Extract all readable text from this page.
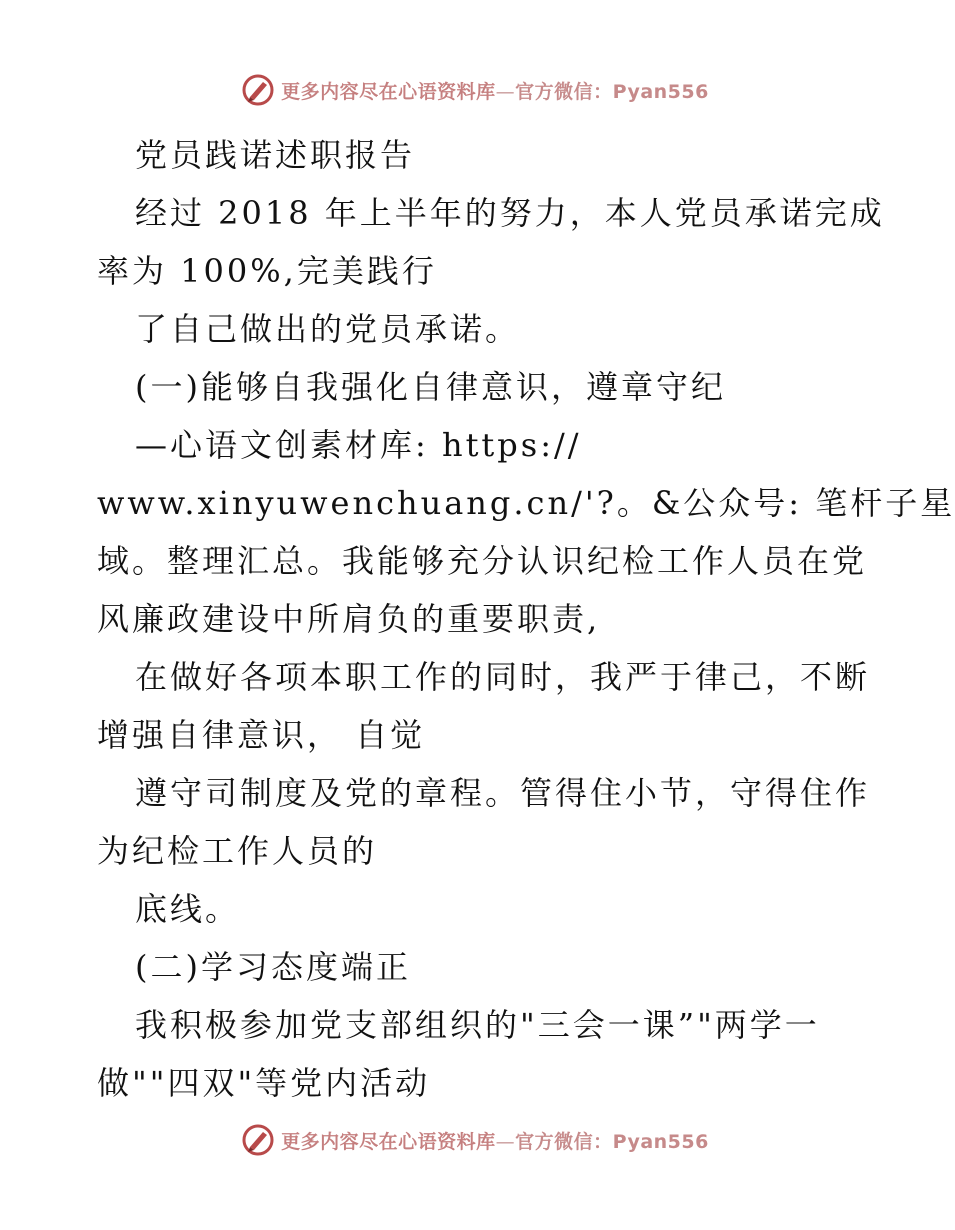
更多内容尽在心语资料库—官方微信：Pyan556
党员践诺述职报告
经过 2018 年上半年的努力，本人党员承诺完成
率为 100%,完美践行
了自己做出的党员承诺。
(一)能够自我强化自律意识，遵章守纪
—心语文创素材库: https://
www.xinyuwenchuang.cn/'?。&公众号: 笔杆子星
域。整理汇总。我能够充分认识纪检工作人员在党
风廉政建设中所肩负的重要职责,
在做好各项本职工作的同时，我严于律己，不断
增强自律意识， 自觉
遵守司制度及党的章程。管得住小节，守得住作
为纪检工作人员的
底线。
(二)学习态度端正
我积极参加党支部组织的"三会一课”"两学一
做""四双"等党内活动
更多内容尽在心语资料库—官方微信：Pyan556
